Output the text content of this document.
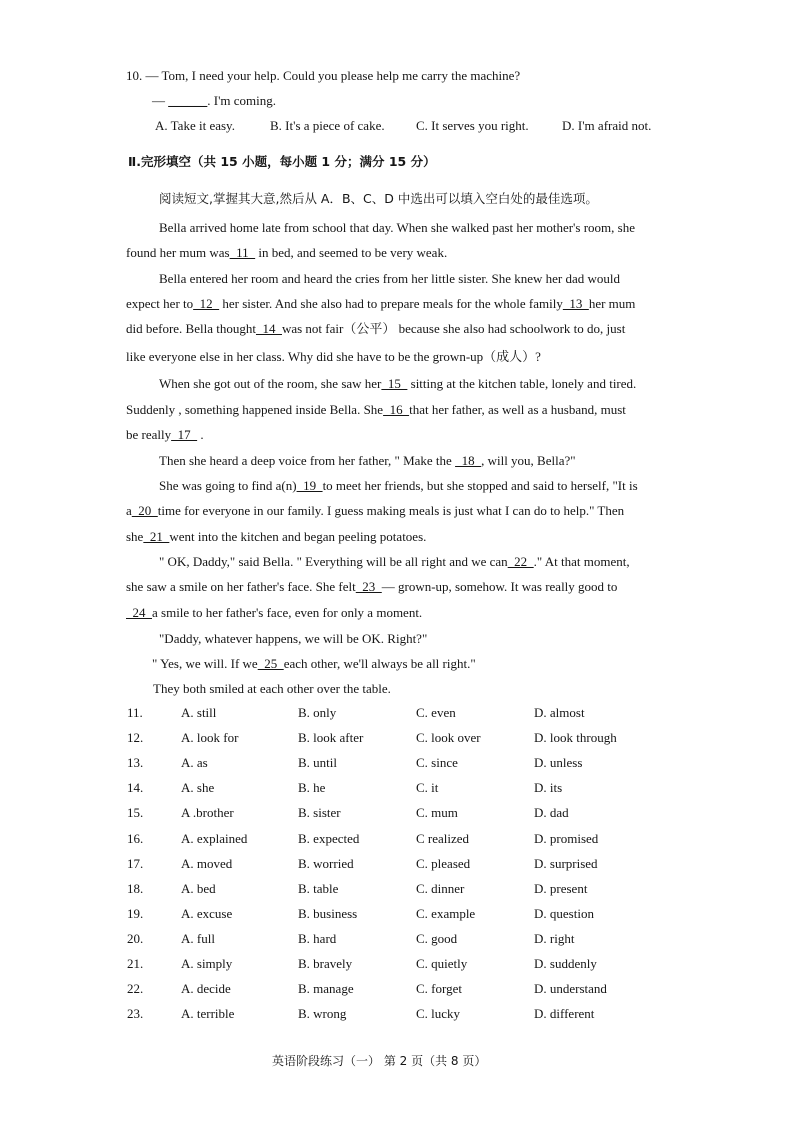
10. — Tom, I need your help. Could you please help me carry the machine?
— ______. I'm coming.
A. Take it easy.	B. It's a piece of cake. C. It serves you right.	D. I'm afraid not.
Ⅱ.完形填空（共 15 小题，每小题 1 分；满分 15 分）
阅读短文,掌握其大意,然后从 A．B、C、D 中选出可以填入空白处的最佳选项。
Bella arrived home late from school that day. When she walked past her mother's room, she
found her mum was  11   in bed, and seemed to be very weak.
Bella entered her room and heard the cries from her little sister. She knew her dad would
expect her to  12   her sister. And she also had to prepare meals for the whole family  13  her mum
did before. Bella thought  14  was not fair（公平） because she also had schoolwork to do, just
like everyone else in her class. Why did she have to be the grown-up（成人）?
When she got out of the room, she saw her  15   sitting at the kitchen table, lonely and tired.
Suddenly , something happened inside Bella. She  16  that her father, as well as a husband, must
be really  17   .
Then she heard a deep voice from her father, " Make the   18  , will you, Bella?"
She was going to find a(n)  19  to meet her friends, but she stopped and said to herself, "It is
a  20  time for everyone in our family. I guess making meals is just what I can do to help." Then
she  21  went into the kitchen and began peeling potatoes.
" OK, Daddy," said Bella. " Everything will be all right and we can  22  ." At that moment,
she saw a smile on her father's face. She felt  23  — grown-up, somehow. It was really good to
24  a smile to her father's face, even for only a moment.
"Daddy, whatever happens, we will be OK. Right?"
" Yes, we will. If we  25  each other, we'll always be all right."
They both smiled at each other over the table.
11.	A. still	B. only	C. even	D. almost
12.	A. look for	B. look after	C. look over	D. look through
13.	A. as	B. until	C. since	D. unless
14.	A. she	B. he	C. it	D. its
15.	A .brother	B. sister	C. mum	D. dad
16.	A. explained	B. expected	C realized	D. promised
17.	A. moved	B. worried	C. pleased	D. surprised
18.	A. bed	B. table	C. dinner	D. present
19.	A. excuse	B. business	C. example	D. question
20.	A. full	B. hard	C. good	D. right
21.	A. simply	B. bravely	C. quietly	D. suddenly
22.	A. decide	B. manage	C. forget	D. understand
23.	A. terrible	B. wrong	C. lucky	D. different
英语阶段练习（一） 第 2 页（共 8 页）
